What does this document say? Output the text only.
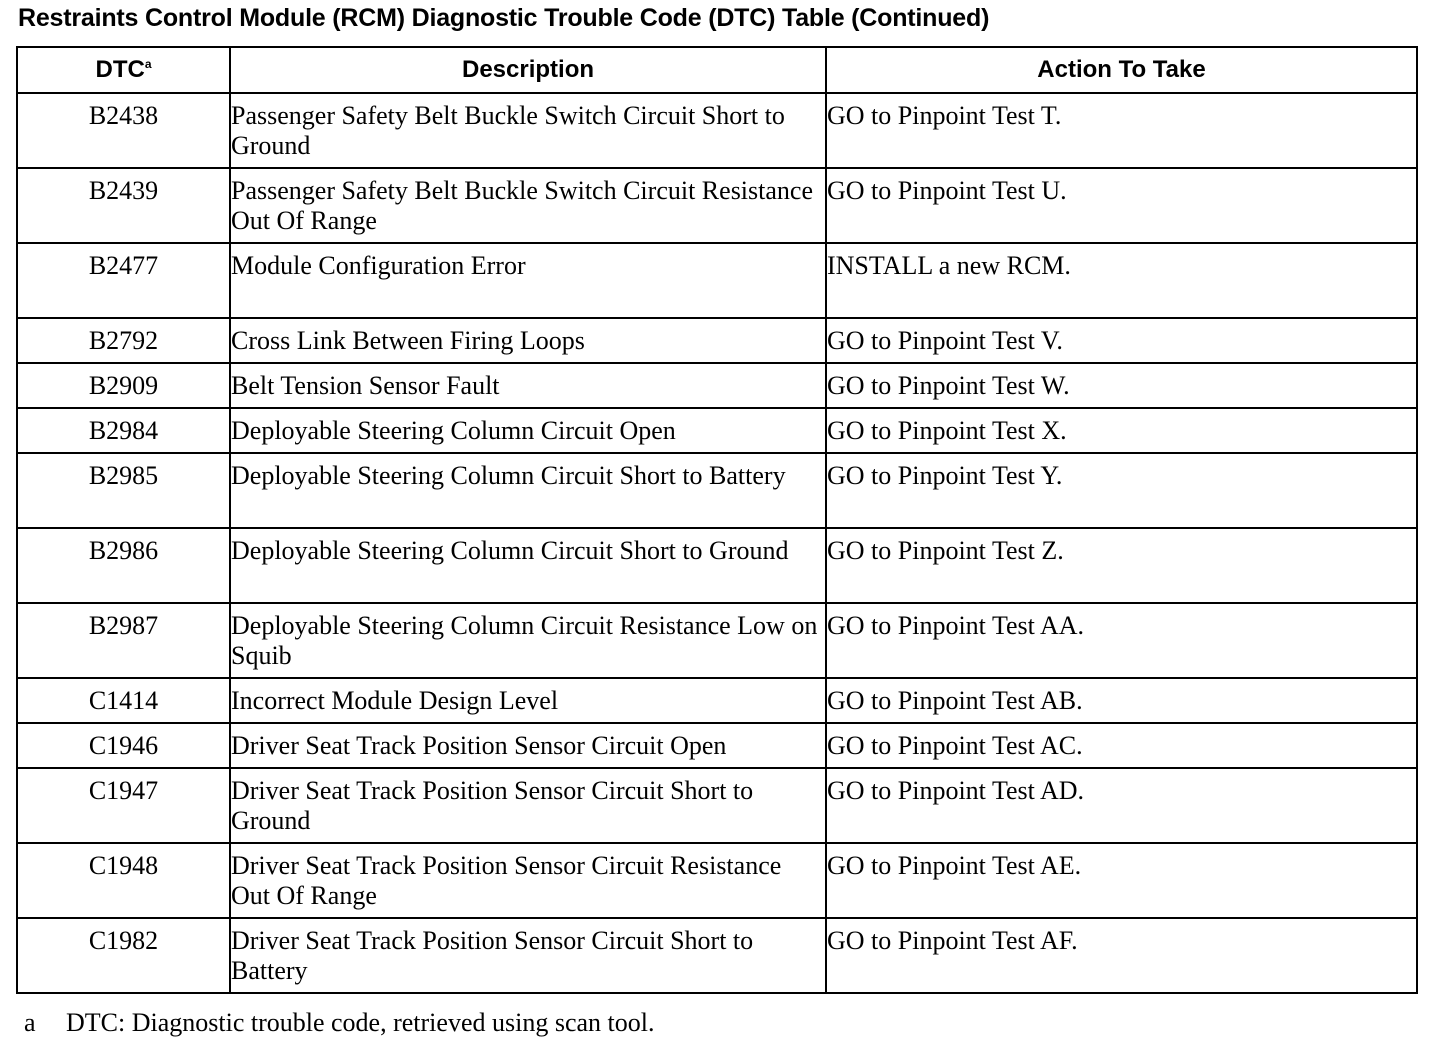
Restraints Control Module (RCM) Diagnostic Trouble Code (DTC) Table (Continued)
DTC$^a$	Description	Action To Take
B2438	Passenger Safety Belt Buckle Switch Circuit Short to Ground	GO to Pinpoint Test T.
B2439	Passenger Safety Belt Buckle Switch Circuit Resistance Out Of Range	GO to Pinpoint Test U.
B2477	Module Configuration Error	INSTALL a new RCM.
B2792	Cross Link Between Firing Loops	GO to Pinpoint Test V.
B2909	Belt Tension Sensor Fault	GO to Pinpoint Test W.
B2984	Deployable Steering Column Circuit Open	GO to Pinpoint Test X.
B2985	Deployable Steering Column Circuit Short to Battery	GO to Pinpoint Test Y.
B2986	Deployable Steering Column Circuit Short to Ground	GO to Pinpoint Test Z.
B2987	Deployable Steering Column Circuit Resistance Low on Squib	GO to Pinpoint Test AA.
C1414	Incorrect Module Design Level	GO to Pinpoint Test AB.
C1946	Driver Seat Track Position Sensor Circuit Open	GO to Pinpoint Test AC.
C1947	Driver Seat Track Position Sensor Circuit Short to Ground	GO to Pinpoint Test AD.
C1948	Driver Seat Track Position Sensor Circuit Resistance Out Of Range	GO to Pinpoint Test AE.
C1982	Driver Seat Track Position Sensor Circuit Short to Battery	GO to Pinpoint Test AF.
a DTC: Diagnostic trouble code, retrieved using scan tool.
